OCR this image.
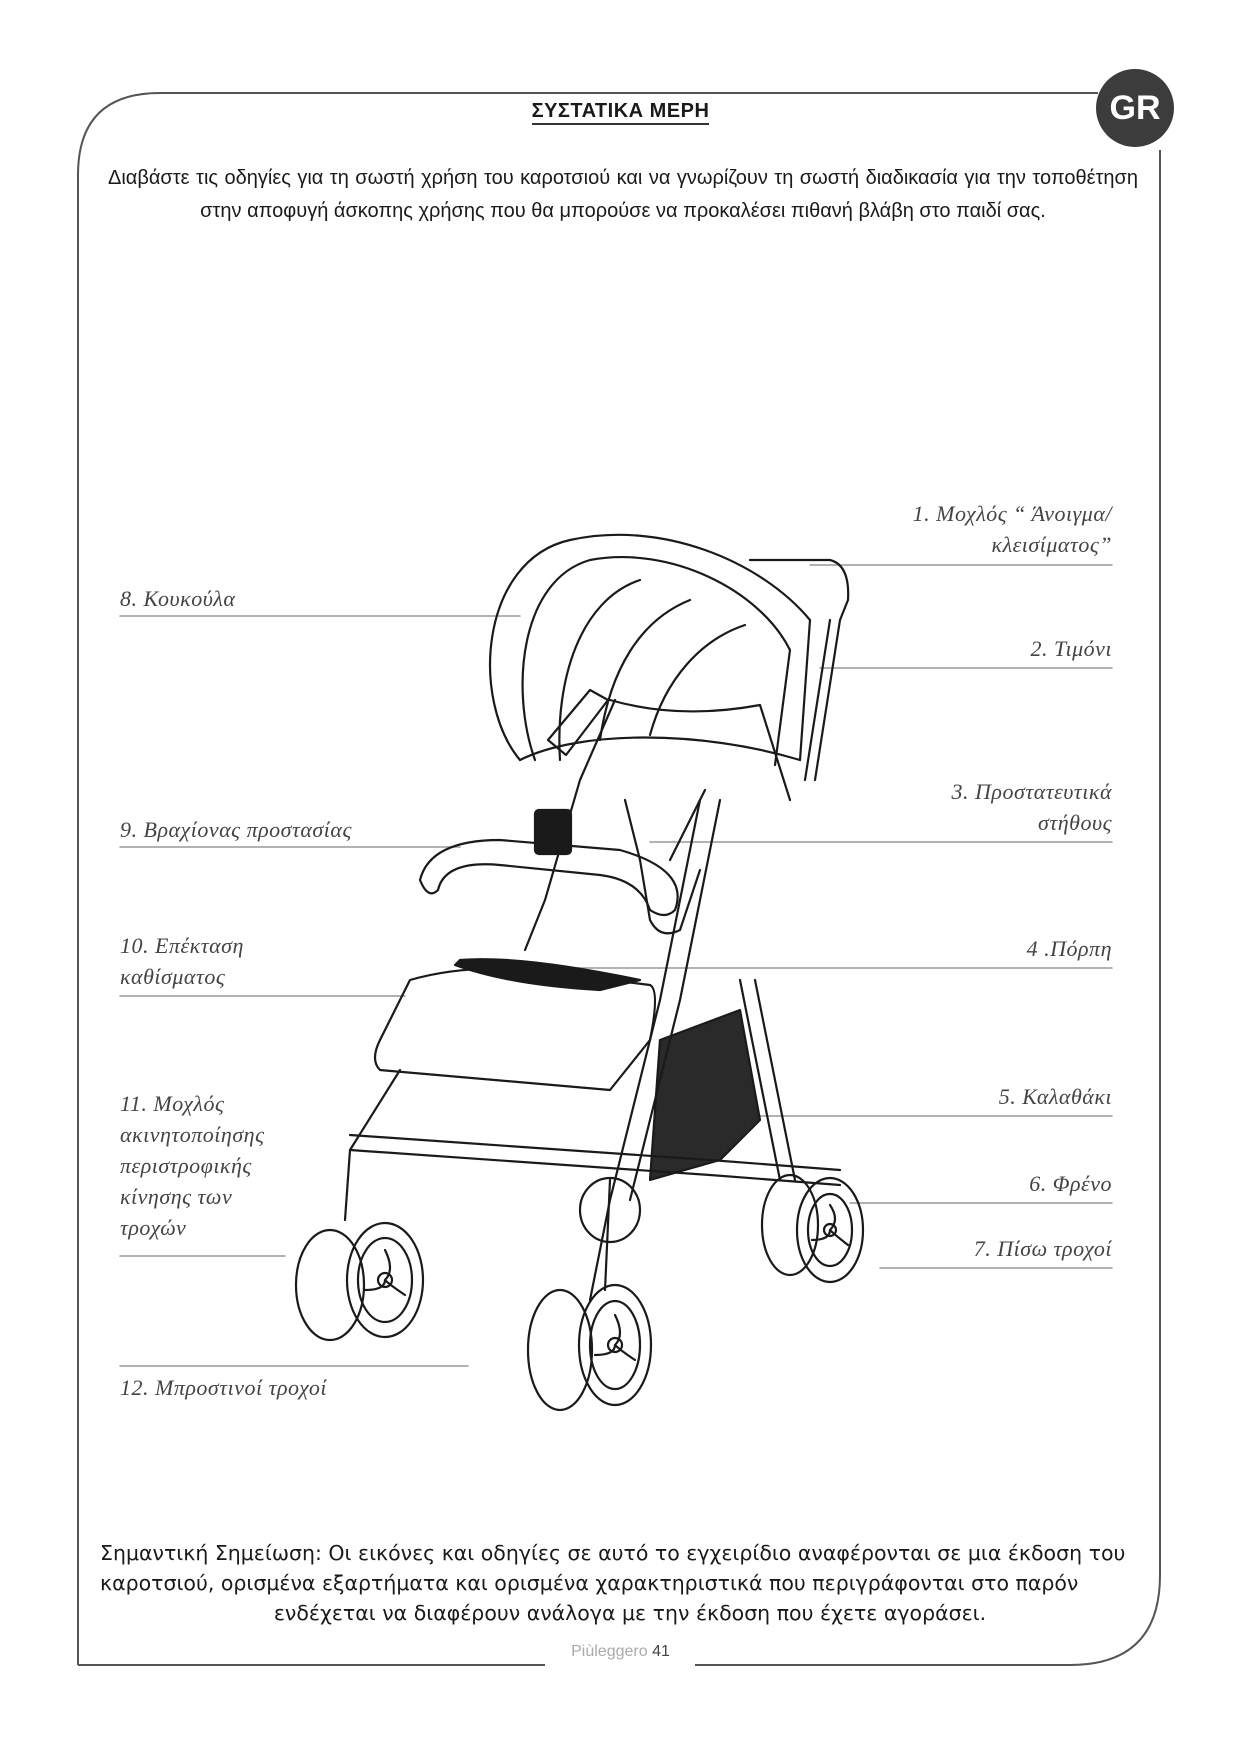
GR
ΣΥΣΤΑΤΙΚΑ ΜΕΡΗ
Διαβάστε τις οδηγίες για τη σωστή χρήση του καροτσιού και να γνωρίζουν τη σωστή διαδικασία για την τοποθέτηση στην αποφυγή άσκοπης χρήσης που θα μπορούσε να προκαλέσει πιθανή βλάβη στο παιδί σας.
1. Μοχλός “ Άνοιγμα/
κλεισίματος”
2. Τιμόνι
3. Προστατευτικά
στήθους
4 .Πόρπη
5. Καλαθάκι
6. Φρένο
7. Πίσω τροχοί
8. Κουκούλα
9. Βραχίονας προστασίας
10. Επέκταση
καθίσματος
11. Μοχλός
ακινητοποίησης
περιστροφικής
κίνησης των
τροχών
12. Μπροστινοί τροχοί
Σημαντική Σημείωση: Οι εικόνες και οδηγίες σε αυτό το εγχειρίδιο αναφέρονται σε μια έκδοση του
καροτσιού, ορισμένα εξαρτήματα και ορισμένα χαρακτηριστικά που περιγράφονται στο παρόν
ενδέχεται να διαφέρουν ανάλογα με την έκδοση που έχετε αγοράσει.
Piùleggero 41
